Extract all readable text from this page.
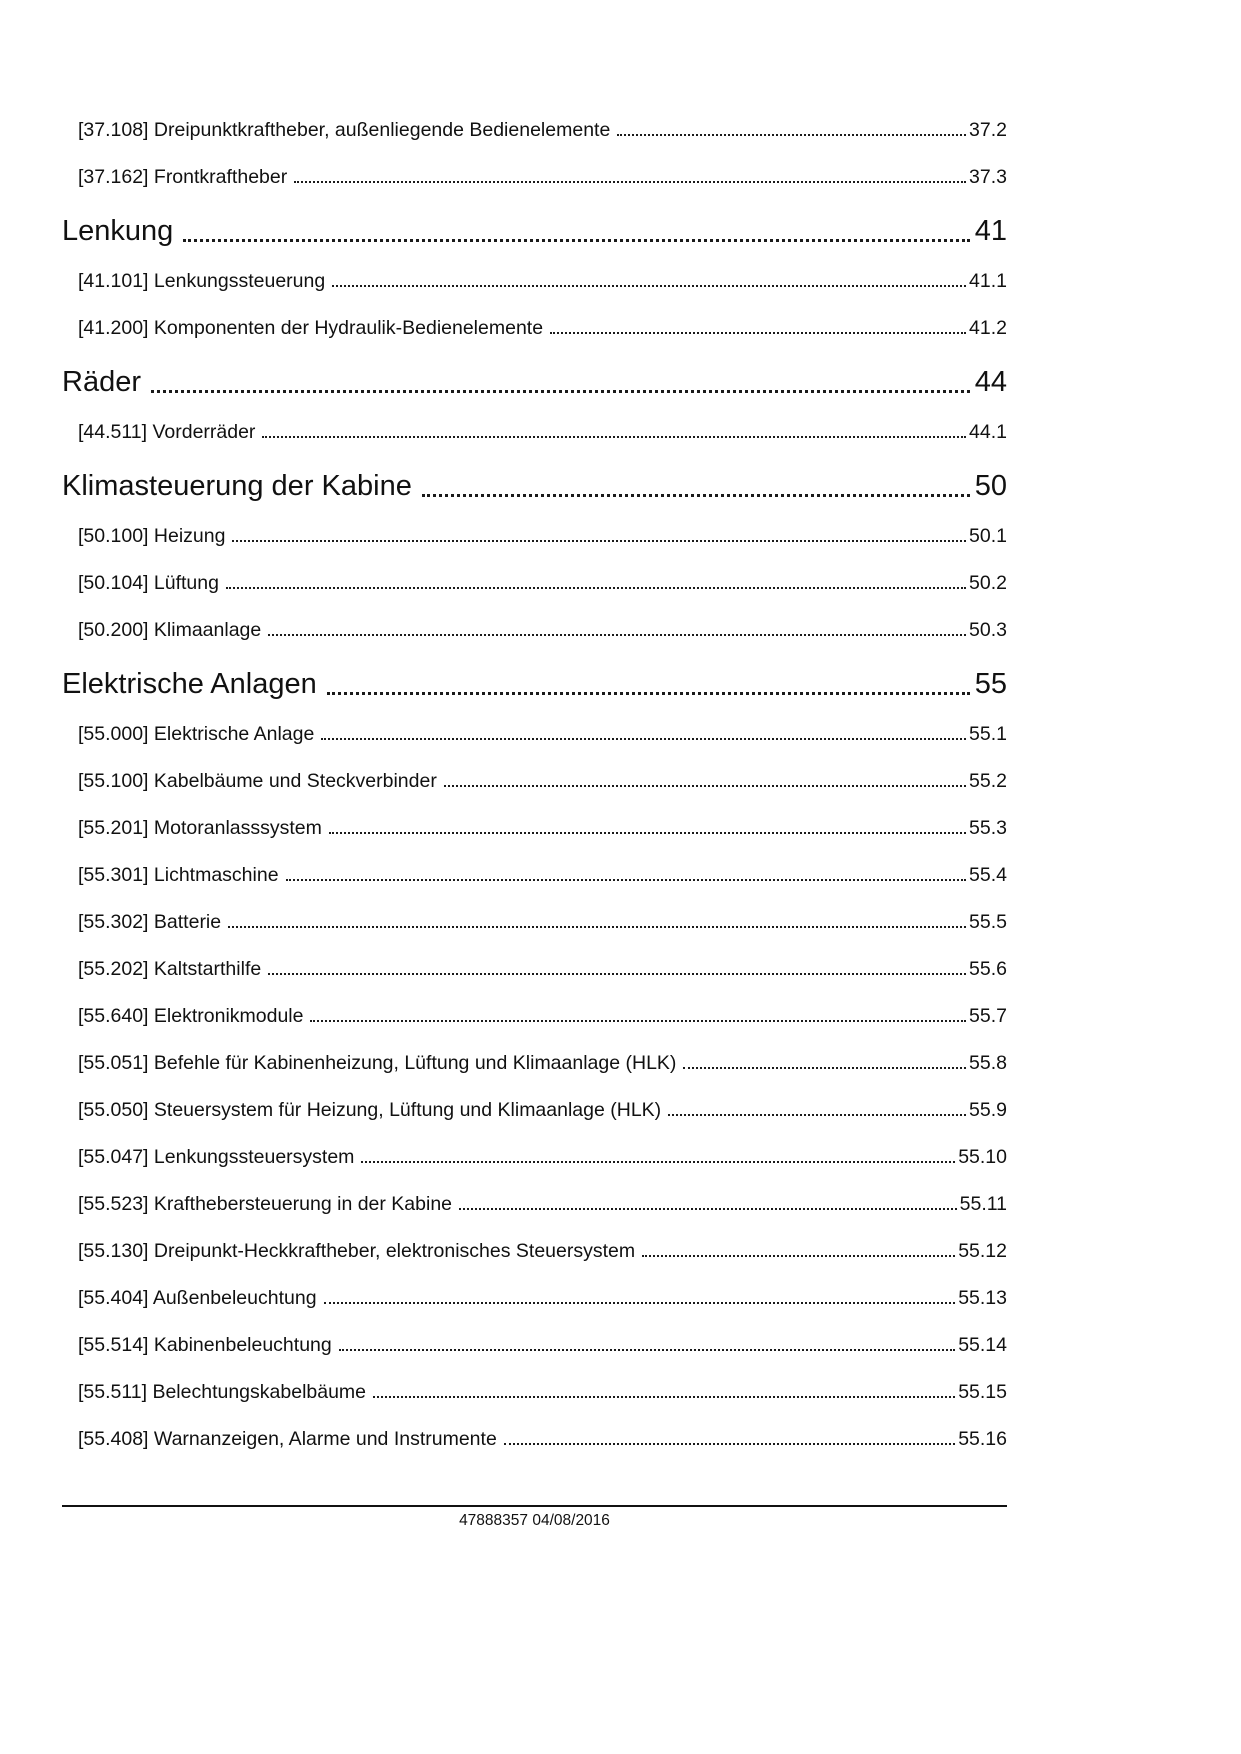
[37.108] Dreipunktkraftheber, außenliegende Bedienelemente	37.2
[37.162] Frontkraftheber	37.3
Lenkung	41
[41.101] Lenkungssteuerung	41.1
[41.200] Komponenten der Hydraulik-Bedienelemente	41.2
Räder	44
[44.511] Vorderräder	44.1
Klimasteuerung der Kabine	50
[50.100] Heizung	50.1
[50.104] Lüftung	50.2
[50.200] Klimaanlage	50.3
Elektrische Anlagen	55
[55.000] Elektrische Anlage	55.1
[55.100] Kabelbäume und Steckverbinder	55.2
[55.201] Motoranlasssystem	55.3
[55.301] Lichtmaschine	55.4
[55.302] Batterie	55.5
[55.202] Kaltstarthilfe	55.6
[55.640] Elektronikmodule	55.7
[55.051] Befehle für Kabinenheizung, Lüftung und Klimaanlage (HLK)	55.8
[55.050] Steuersystem für Heizung, Lüftung und Klimaanlage (HLK)	55.9
[55.047] Lenkungssteuersystem	55.10
[55.523] Krafthebersteuerung in der Kabine	55.11
[55.130] Dreipunkt-Heckkraftheber, elektronisches Steuersystem	55.12
[55.404] Außenbeleuchtung	55.13
[55.514] Kabinenbeleuchtung	55.14
[55.511] Belechtungskabelbäume	55.15
[55.408] Warnanzeigen, Alarme und Instrumente	55.16
47888357 04/08/2016
